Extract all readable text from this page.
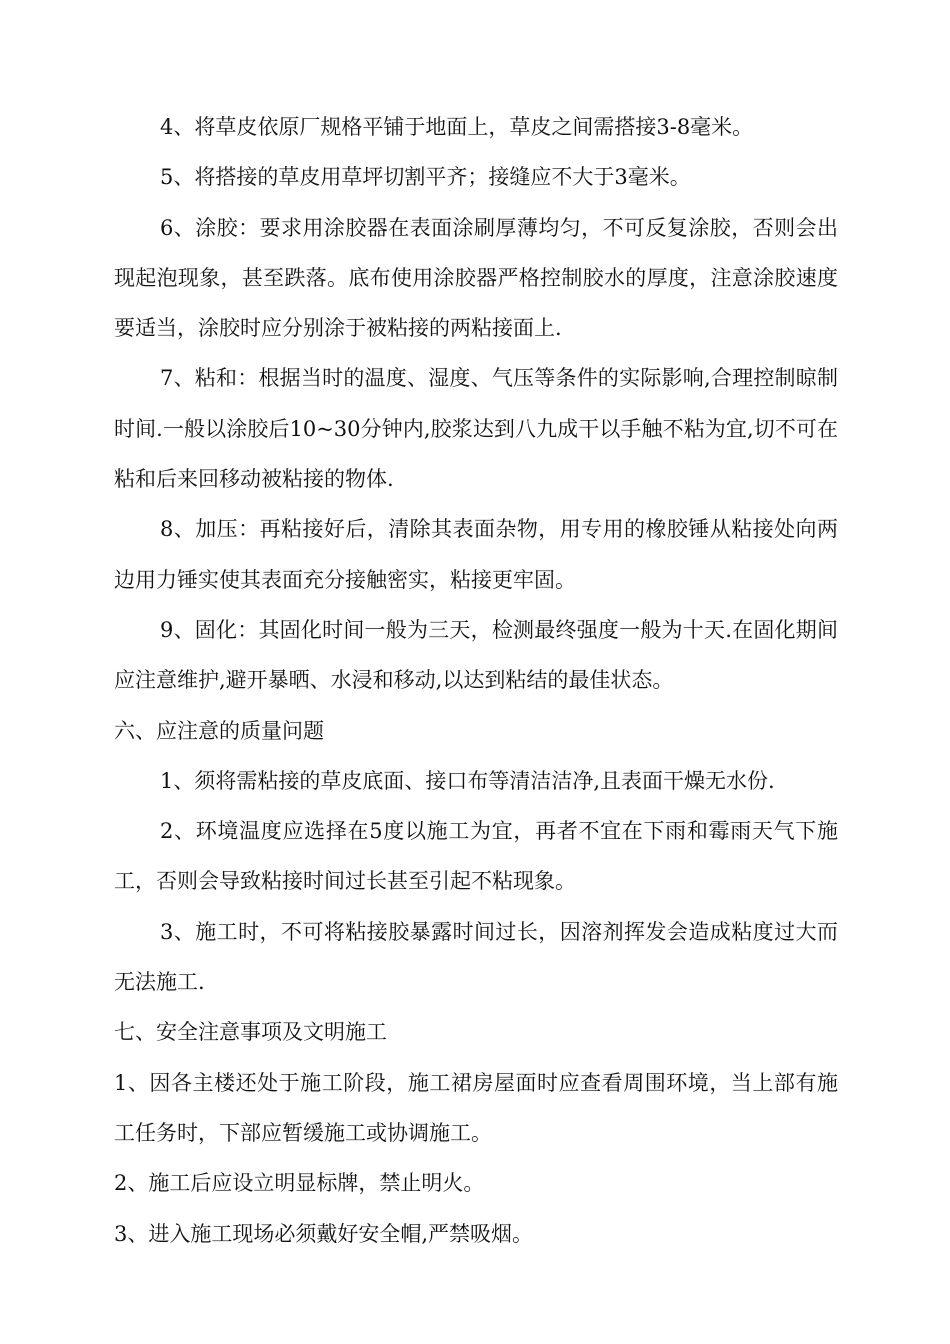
4、将草皮依原厂规格平铺于地面上，草皮之间需搭接3-8毫米。

5、将搭接的草皮用草坪切割平齐；接缝应不大于3毫米。

6、涂胶：要求用涂胶器在表面涂刷厚薄均匀，不可反复涂胶，否则会出现起泡现象，甚至跌落。底布使用涂胶器严格控制胶水的厚度，注意涂胶速度要适当，涂胶时应分别涂于被粘接的两粘接面上.

7、粘和：根据当时的温度、湿度、气压等条件的实际影响,合理控制晾制时间.一般以涂胶后10~30分钟内,胶浆达到八九成干以手触不粘为宜,切不可在粘和后来回移动被粘接的物体.

8、加压：再粘接好后，清除其表面杂物，用专用的橡胶锤从粘接处向两边用力锤实使其表面充分接触密实，粘接更牢固。

9、固化：其固化时间一般为三天，检测最终强度一般为十天.在固化期间应注意维护,避开暴晒、水浸和移动,以达到粘结的最佳状态。

六、应注意的质量问题

1、须将需粘接的草皮底面、接口布等清洁洁净,且表面干燥无水份.

2、环境温度应选择在5度以施工为宜，再者不宜在下雨和霉雨天气下施工，否则会导致粘接时间过长甚至引起不粘现象。

3、施工时，不可将粘接胶暴露时间过长，因溶剂挥发会造成粘度过大而无法施工.

七、安全注意事项及文明施工

1、因各主楼还处于施工阶段，施工裙房屋面时应查看周围环境，当上部有施工任务时，下部应暂缓施工或协调施工。

2、施工后应设立明显标牌，禁止明火。

3、进入施工现场必须戴好安全帽,严禁吸烟。
